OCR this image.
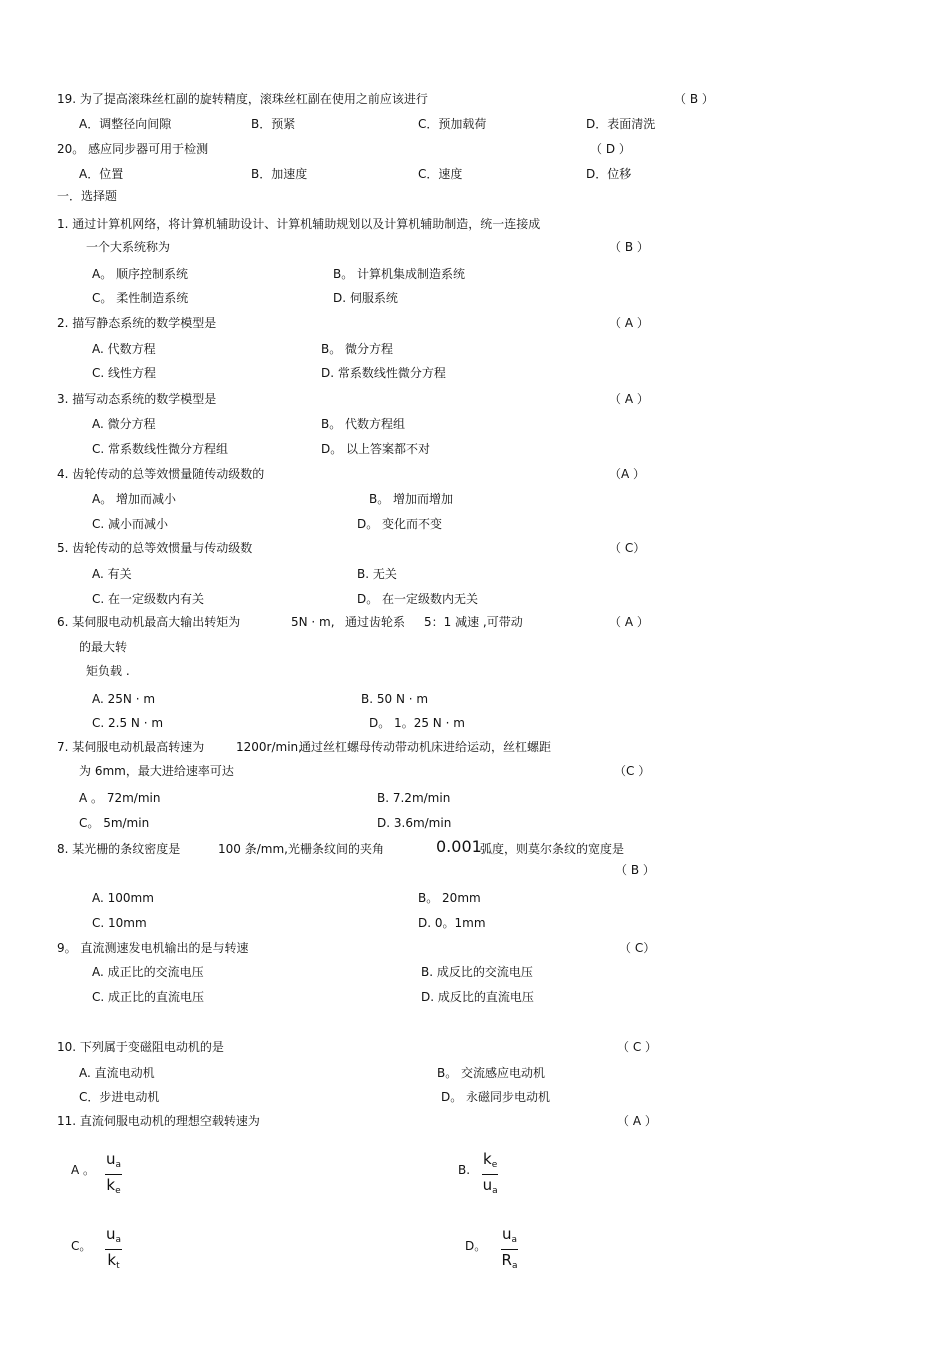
19. 为了提高滚珠丝杠副的旋转精度，滚珠丝杠副在使用之前应该进行	（ B ）
A．调整径向间隙	B．预紧	C．预加载荷	D．表面清洗
20。 感应同步器可用于检测	（ D ）
A．位置	B．加速度	C．速度	D．位移
一．选择题
1. 通过计算机网络，将计算机辅助设计、计算机辅助规划以及计算机辅助制造，统一连接成
一个大系统称为	（ B ）
A。 顺序控制系统	B。 计算机集成制造系统
C。 柔性制造系统	D. 伺服系统
2. 描写静态系统的数学模型是	（ A ）
A. 代数方程	B。 微分方程
C. 线性方程	D. 常系数线性微分方程
3. 描写动态系统的数学模型是	（ A ）
A. 微分方程	B。 代数方程组
C. 常系数线性微分方程组	D。 以上答案都不对
4. 齿轮传动的总等效惯量随传动级数的	（A ）
A。 增加而减小	B。 增加而增加
C. 减小而减小	D。 变化而不变
5. 齿轮传动的总等效惯量与传动级数	（ C）
A. 有关	B. 无关
C. 在一定级数内有关	D。 在一定级数内无关
6. 某伺服电动机最高大输出转矩为	5N · m, 通过齿轮系 5：1 减速 ,可带动	（ A ）
的最大转
矩负载 .
A. 25N · m	B. 50 N · m
C. 2.5 N · m	D。 1。25 N · m
7. 某伺服电动机最高转速为	1200r/min,
通过丝杠螺母传动带动机床进给运动，丝杠螺距
为 6mm，最大进给速率可达	（C ）
A 。 72m/min	B. 7.2m/min
C。 5m/min	D. 3.6m/min
8. 某光栅的条纹密度是	100 条/mm, 光栅条纹间的夹角	0.001
弧度，则莫尔条纹的宽度是
（ B ）
A. 100mm	B。 20mm
C. 10mm	D. 0。1mm
9。 直流测速发电机输出的是与转速	（ C）
A. 成正比的交流电压	B. 成反比的交流电压
C. 成正比的直流电压	D. 成反比的直流电压
10. 下列属于变磁阻电动机的是	（ C ）
A. 直流电动机	B。 交流感应电动机
C．步进电动机	D。 永磁同步电动机
11. 直流伺服电动机的理想空载转速为	（ A ）
A 。 $\frac{u_a}{k_e}$	B. $\frac{k_e}{u_a}$
C。 $\frac{u_a}{k_t}$	D。 $\frac{u_a}{R_a}$
